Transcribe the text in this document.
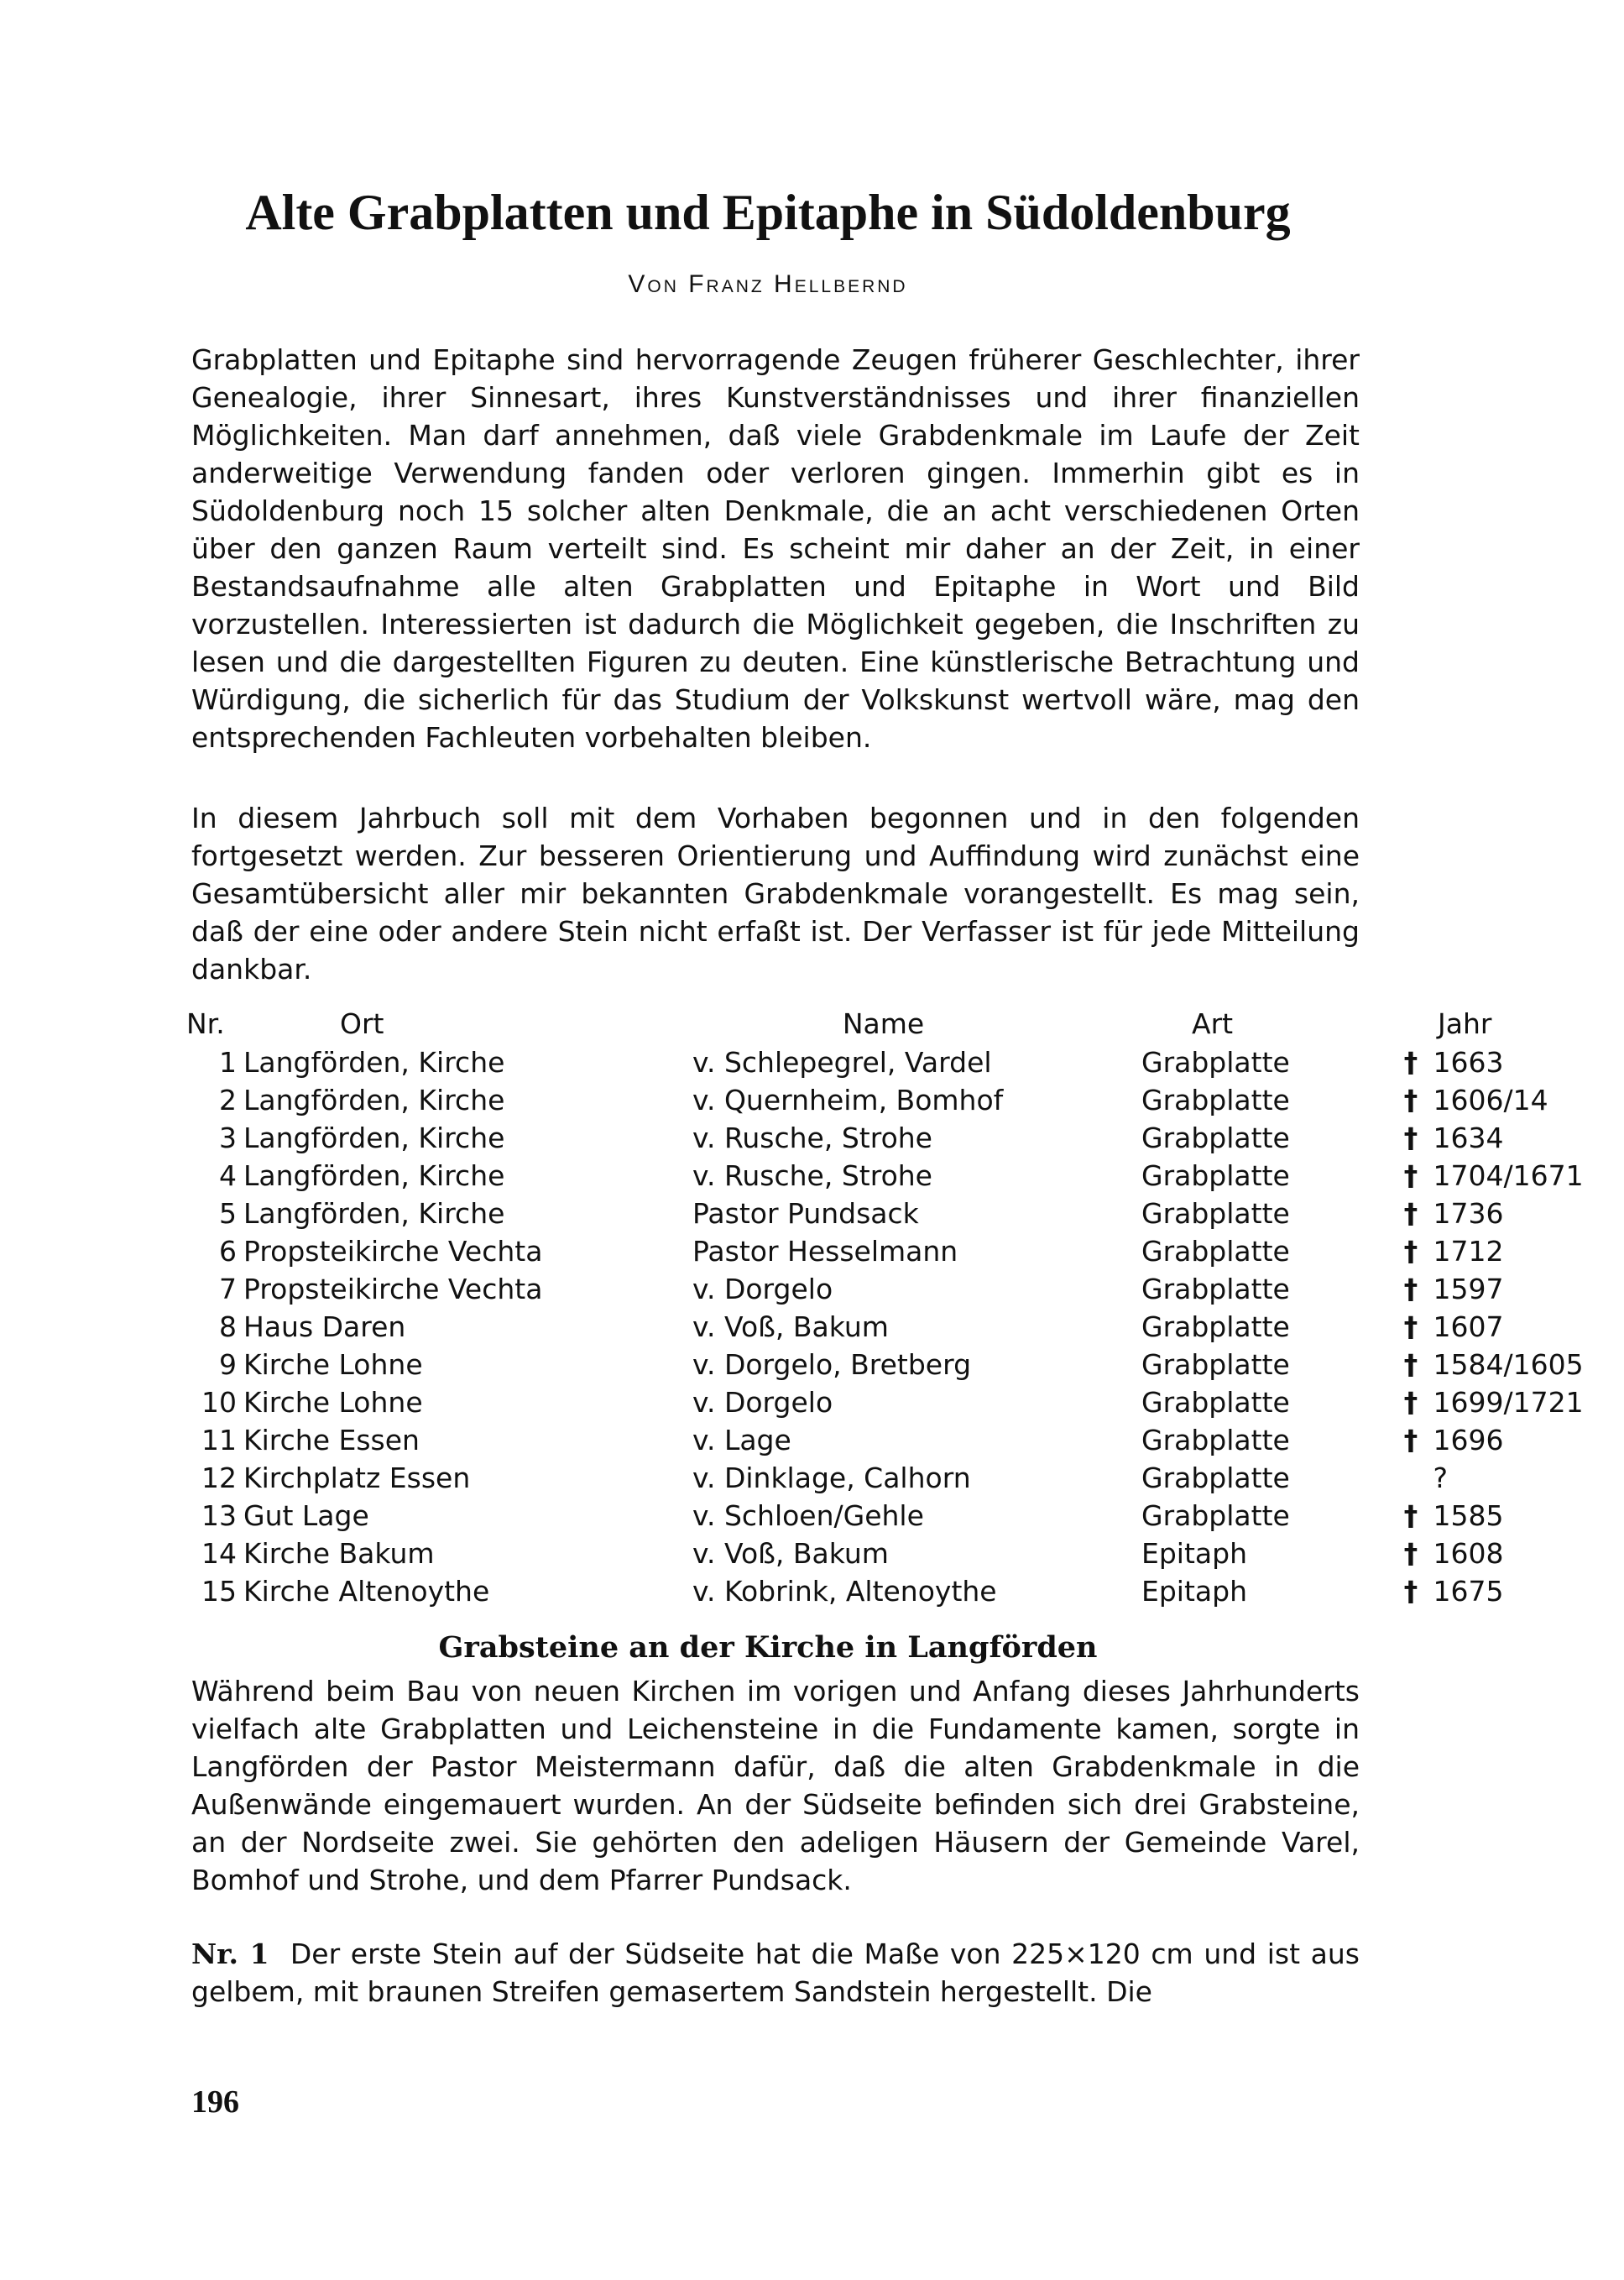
Alte Grabplatten und Epitaphe in Südoldenburg
Von Franz Hellbernd

Grabplatten und Epitaphe sind hervorragende Zeugen früherer Geschlechter, ihrer Genealogie, ihrer Sinnesart, ihres Kunstverständnisses und ihrer finanziellen Möglichkeiten. Man darf annehmen, daß viele Grabdenkmale im Laufe der Zeit anderweitige Verwendung fanden oder verloren gingen. Immerhin gibt es in Südoldenburg noch 15 solcher alten Denkmale, die an acht verschiedenen Orten über den ganzen Raum verteilt sind. Es scheint mir daher an der Zeit, in einer Bestandsaufnahme alle alten Grabplatten und Epitaphe in Wort und Bild vorzustellen. Interessierten ist dadurch die Möglichkeit gegeben, die Inschriften zu lesen und die dargestellten Figuren zu deuten. Eine künstlerische Betrachtung und Würdigung, die sicherlich für das Studium der Volkskunst wertvoll wäre, mag den entsprechenden Fachleuten vorbehalten bleiben.

In diesem Jahrbuch soll mit dem Vorhaben begonnen und in den folgenden fortgesetzt werden. Zur besseren Orientierung und Auffindung wird zunächst eine Gesamtübersicht aller mir bekannten Grabdenkmale vorangestellt. Es mag sein, daß der eine oder andere Stein nicht erfaßt ist. Der Verfasser ist für jede Mitteilung dankbar.

Nr.	Ort	Name	Art	Jahr
1	Langförden, Kirche	v. Schlepegrel, Vardel	Grabplatte	† 1663
2	Langförden, Kirche	v. Quernheim, Bomhof	Grabplatte	† 1606/14
3	Langförden, Kirche	v. Rusche, Strohe	Grabplatte	† 1634
4	Langförden, Kirche	v. Rusche, Strohe	Grabplatte	† 1704/1671
5	Langförden, Kirche	Pastor Pundsack	Grabplatte	† 1736
6	Propsteikirche Vechta	Pastor Hesselmann	Grabplatte	† 1712
7	Propsteikirche Vechta	v. Dorgelo	Grabplatte	† 1597
8	Haus Daren	v. Voß, Bakum	Grabplatte	† 1607
9	Kirche Lohne	v. Dorgelo, Bretberg	Grabplatte	† 1584/1605
10	Kirche Lohne	v. Dorgelo	Grabplatte	† 1699/1721
11	Kirche Essen	v. Lage	Grabplatte	† 1696
12	Kirchplatz Essen	v. Dinklage, Calhorn	Grabplatte	?
13	Gut Lage	v. Schloen/Gehle	Grabplatte	† 1585
14	Kirche Bakum	v. Voß, Bakum	Epitaph	† 1608
15	Kirche Altenoythe	v. Kobrink, Altenoythe	Epitaph	† 1675
Grabsteine an der Kirche in Langförden

Während beim Bau von neuen Kirchen im vorigen und Anfang dieses Jahrhunderts vielfach alte Grabplatten und Leichensteine in die Fundamente kamen, sorgte in Langförden der Pastor Meistermann dafür, daß die alten Grabdenkmale in die Außenwände eingemauert wurden. An der Südseite befinden sich drei Grabsteine, an der Nordseite zwei. Sie gehörten den adeligen Häusern der Gemeinde Varel, Bomhof und Strohe, und dem Pfarrer Pundsack.

Nr. 1 Der erste Stein auf der Südseite hat die Maße von 225×120 cm und ist aus gelbem, mit braunen Streifen gemasertem Sandstein hergestellt. Die

196
